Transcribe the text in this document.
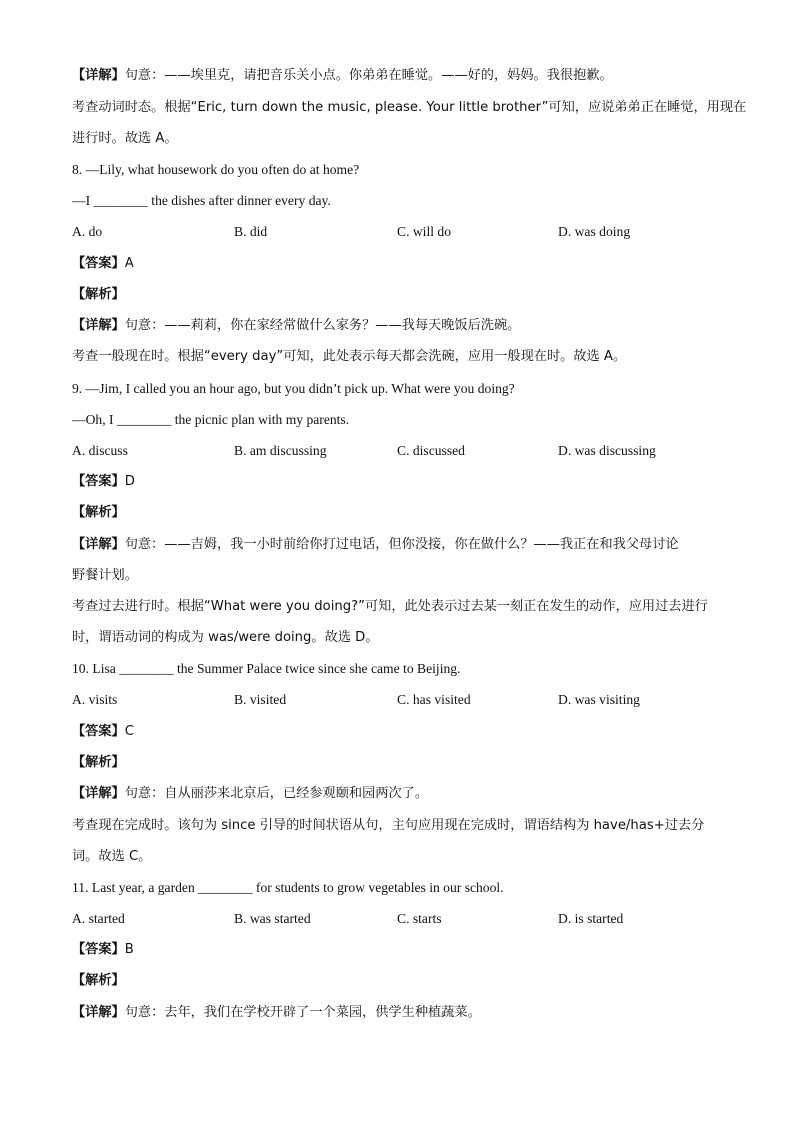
【详解】句意：——埃里克，请把音乐关小点。你弟弟在睡觉。——好的，妈妈。我很抱歉。
考查动词时态。根据“Eric, turn down the music, please. Your little brother”可知，应说弟弟正在睡觉，用现在
进行时。故选 A。
8. —Lily, what housework do you often do at home?
—I ________ the dishes after dinner every day.
A. do	B. did	C. will do	D. was doing
【答案】A
【解析】
【详解】句意：——莉莉，你在家经常做什么家务？——我每天晚饭后洗碗。
考查一般现在时。根据“every day”可知，此处表示每天都会洗碗，应用一般现在时。故选 A。
9. —Jim, I called you an hour ago, but you didn’t pick up. What were you doing?
—Oh, I ________ the picnic plan with my parents.
A. discuss	B. am discussing	C. discussed	D. was discussing
【答案】D
【解析】
【详解】句意：——吉姆，我一小时前给你打过电话，但你没接，你在做什么？——我正在和我父母讨论
野餐计划。
考查过去进行时。根据“What were you doing?”可知，此处表示过去某一刻正在发生的动作，应用过去进行
时，谓语动词的构成为 was/were doing。故选 D。
10. Lisa ________ the Summer Palace twice since she came to Beijing.
A. visits	B. visited	C. has visited	D. was visiting
【答案】C
【解析】
【详解】句意：自从丽莎来北京后，已经参观颐和园两次了。
考查现在完成时。该句为 since 引导的时间状语从句，主句应用现在完成时，谓语结构为 have/has+过去分
词。故选 C。
11. Last year, a garden ________ for students to grow vegetables in our school.
A. started	B. was started	C. starts	D. is started
【答案】B
【解析】
【详解】句意：去年，我们在学校开辟了一个菜园，供学生种植蔬菜。
